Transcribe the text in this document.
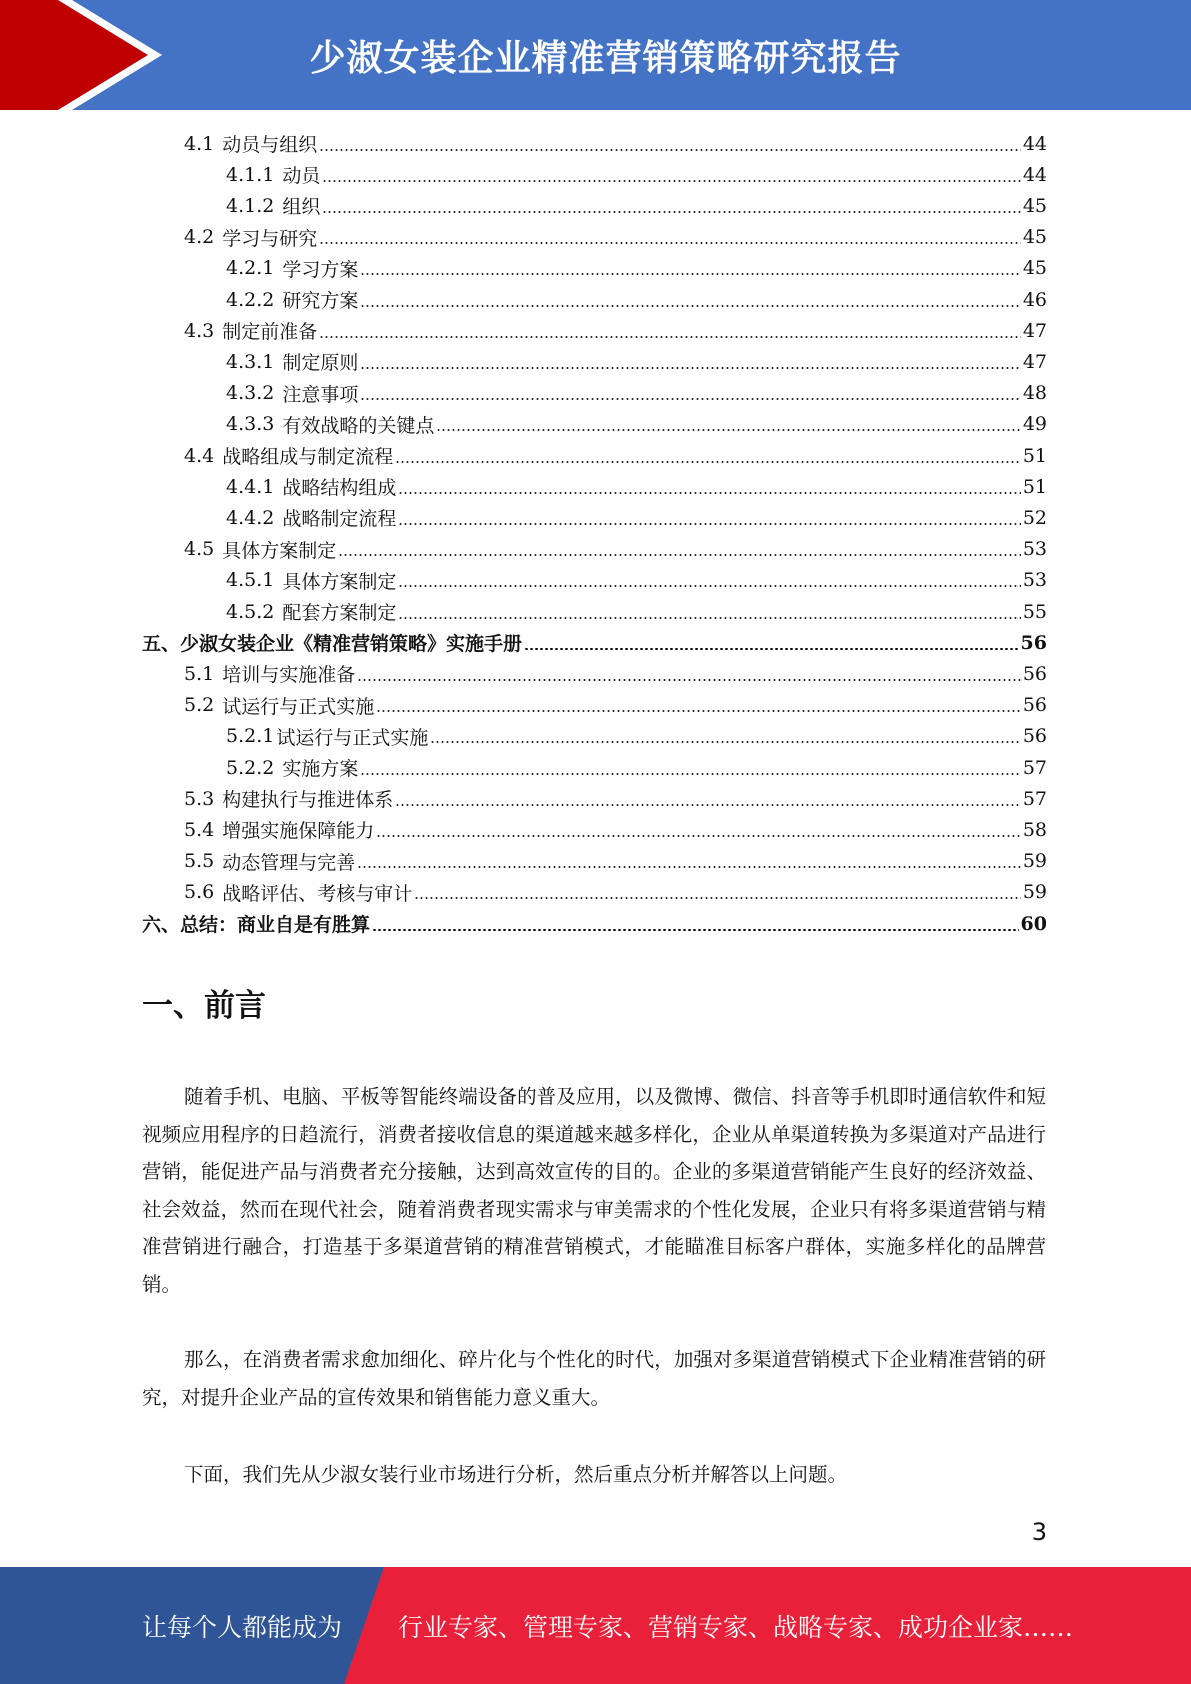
少淑女装企业精准营销策略研究报告
4.1 动员与组织	44
4.1.1 动员	44
4.1.2 组织	45
4.2 学习与研究	45
4.2.1 学习方案	45
4.2.2 研究方案	46
4.3 制定前准备	47
4.3.1 制定原则	47
4.3.2 注意事项	48
4.3.3 有效战略的关键点	49
4.4 战略组成与制定流程	51
4.4.1 战略结构组成	51
4.4.2 战略制定流程	52
4.5 具体方案制定	53
4.5.1 具体方案制定	53
4.5.2 配套方案制定	55
五、 少淑女装企业《精准营销策略》实施手册	56
5.1 培训与实施准备	56
5.2 试运行与正式实施	56
5.2.1 试运行与正式实施	56
5.2.2 实施方案	57
5.3 构建执行与推进体系	57
5.4 增强实施保障能力	58
5.5 动态管理与完善	59
5.6 战略评估、考核与审计	59
六、 总结：商业自是有胜算	60
一、前言

随着手机、电脑、平板等智能终端设备的普及应用，以及微博、微信、抖音等手机即时通信软件和短视频应用程序的日趋流行，消费者接收信息的渠道越来越多样化，企业从单渠道转换为多渠道对产品进行营销，能促进产品与消费者充分接触，达到高效宣传的目的。企业的多渠道营销能产生良好的经济效益、社会效益，然而在现代社会，随着消费者现实需求与审美需求的个性化发展，企业只有将多渠道营销与精准营销进行融合，打造基于多渠道营销的精准营销模式，才能瞄准目标客户群体，实施多样化的品牌营销。

那么，在消费者需求愈加细化、碎片化与个性化的时代，加强对多渠道营销模式下企业精准营销的研究，对提升企业产品的宣传效果和销售能力意义重大。

下面，我们先从少淑女装行业市场进行分析，然后重点分析并解答以上问题。

3
让每个人都能成为 行业专家、管理专家、营销专家、战略专家、成功企业家……
